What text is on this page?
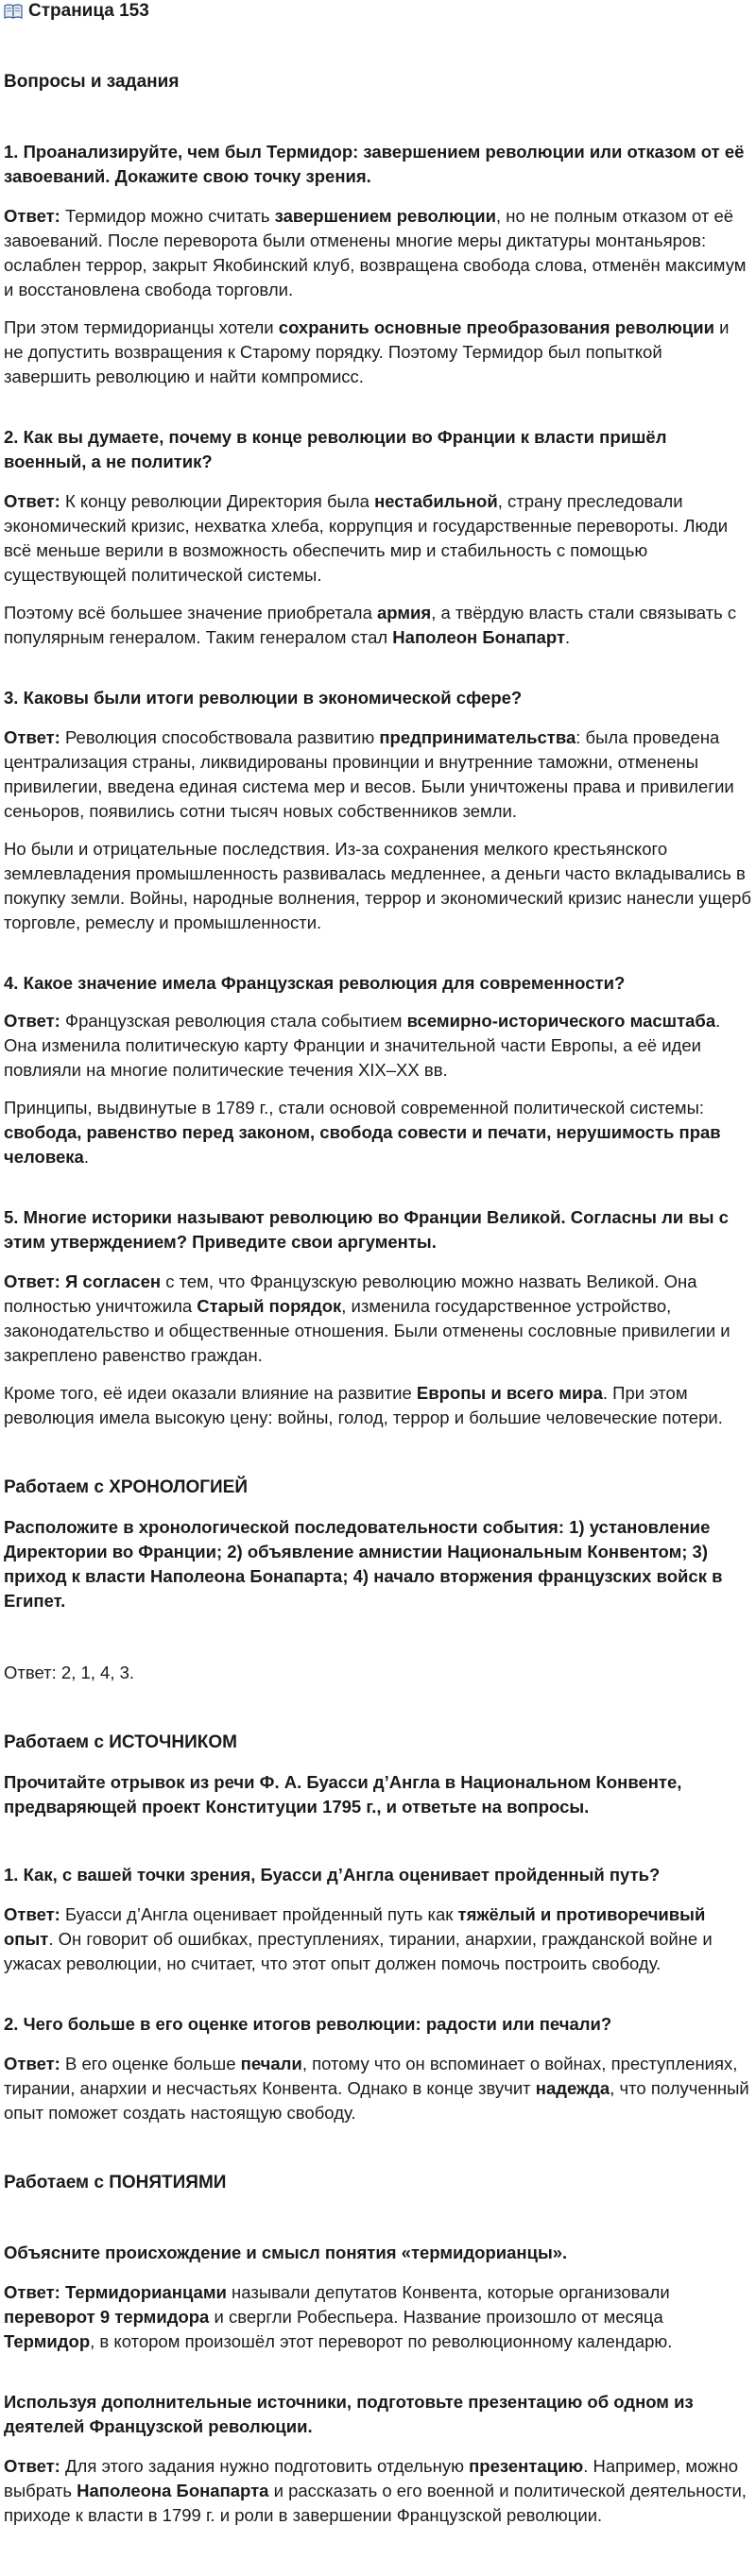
Страница 153

Вопросы и задания

1. Проанализируйте, чем был Термидор: завершением революции или отказом от её завоеваний. Докажите свою точку зрения.

Ответ: Термидор можно считать завершением революции, но не полным отказом от её завоеваний. После переворота были отменены многие меры диктатуры монтаньяров: ослаблен террор, закрыт Якобинский клуб, возвращена свобода слова, отменён максимум и восстановлена свобода торговли.

При этом термидорианцы хотели сохранить основные преобразования революции и не допустить возвращения к Старому порядку. Поэтому Термидор был попыткой завершить революцию и найти компромисс.

2. Как вы думаете, почему в конце революции во Франции к власти пришёл военный, а не политик?

Ответ: К концу революции Директория была нестабильной, страну преследовали экономический кризис, нехватка хлеба, коррупция и государственные перевороты. Люди всё меньше верили в возможность обеспечить мир и стабильность с помощью существующей политической системы.

Поэтому всё большее значение приобретала армия, а твёрдую власть стали связывать с популярным генералом. Таким генералом стал Наполеон Бонапарт.

3. Каковы были итоги революции в экономической сфере?

Ответ: Революция способствовала развитию предпринимательства: была проведена централизация страны, ликвидированы провинции и внутренние таможни, отменены привилегии, введена единая система мер и весов. Были уничтожены права и привилегии сеньоров, появились сотни тысяч новых собственников земли.

Но были и отрицательные последствия. Из-за сохранения мелкого крестьянского землевладения промышленность развивалась медленнее, а деньги часто вкладывались в покупку земли. Войны, народные волнения, террор и экономический кризис нанесли ущерб торговле, ремеслу и промышленности.

4. Какое значение имела Французская революция для современности?

Ответ: Французская революция стала событием всемирно-исторического масштаба. Она изменила политическую карту Франции и значительной части Европы, а её идеи повлияли на многие политические течения XIX–XX вв.

Принципы, выдвинутые в 1789 г., стали основой современной политической системы: свобода, равенство перед законом, свобода совести и печати, нерушимость прав человека.

5. Многие историки называют революцию во Франции Великой. Согласны ли вы с этим утверждением? Приведите свои аргументы.

Ответ: Я согласен с тем, что Французскую революцию можно назвать Великой. Она полностью уничтожила Старый порядок, изменила государственное устройство, законодательство и общественные отношения. Были отменены сословные привилегии и закреплено равенство граждан.

Кроме того, её идеи оказали влияние на развитие Европы и всего мира. При этом революция имела высокую цену: войны, голод, террор и большие человеческие потери.

Работаем с ХРОНОЛОГИЕЙ

Расположите в хронологической последовательности события: 1) установление Директории во Франции; 2) объявление амнистии Национальным Конвентом; 3) приход к власти Наполеона Бонапарта; 4) начало вторжения французских войск в Египет.

Ответ: 2, 1, 4, 3.

Работаем с ИСТОЧНИКОМ

Прочитайте отрывок из речи Ф. А. Буасси д’Англа в Национальном Конвенте, предваряющей проект Конституции 1795 г., и ответьте на вопросы.

1. Как, с вашей точки зрения, Буасси д’Англа оценивает пройденный путь?

Ответ: Буасси д’Англа оценивает пройденный путь как тяжёлый и противоречивый опыт. Он говорит об ошибках, преступлениях, тирании, анархии, гражданской войне и ужасах революции, но считает, что этот опыт должен помочь построить свободу.

2. Чего больше в его оценке итогов революции: радости или печали?

Ответ: В его оценке больше печали, потому что он вспоминает о войнах, преступлениях, тирании, анархии и несчастьях Конвента. Однако в конце звучит надежда, что полученный опыт поможет создать настоящую свободу.

Работаем с ПОНЯТИЯМИ

Объясните происхождение и смысл понятия «термидорианцы».

Ответ: Термидорианцами называли депутатов Конвента, которые организовали переворот 9 термидора и свергли Робеспьера. Название произошло от месяца Термидор, в котором произошёл этот переворот по революционному календарю.

Используя дополнительные источники, подготовьте презентацию об одном из деятелей Французской революции.

Ответ: Для этого задания нужно подготовить отдельную презентацию. Например, можно выбрать Наполеона Бонапарта и рассказать о его военной и политической деятельности, приходе к власти в 1799 г. и роли в завершении Французской революции.
